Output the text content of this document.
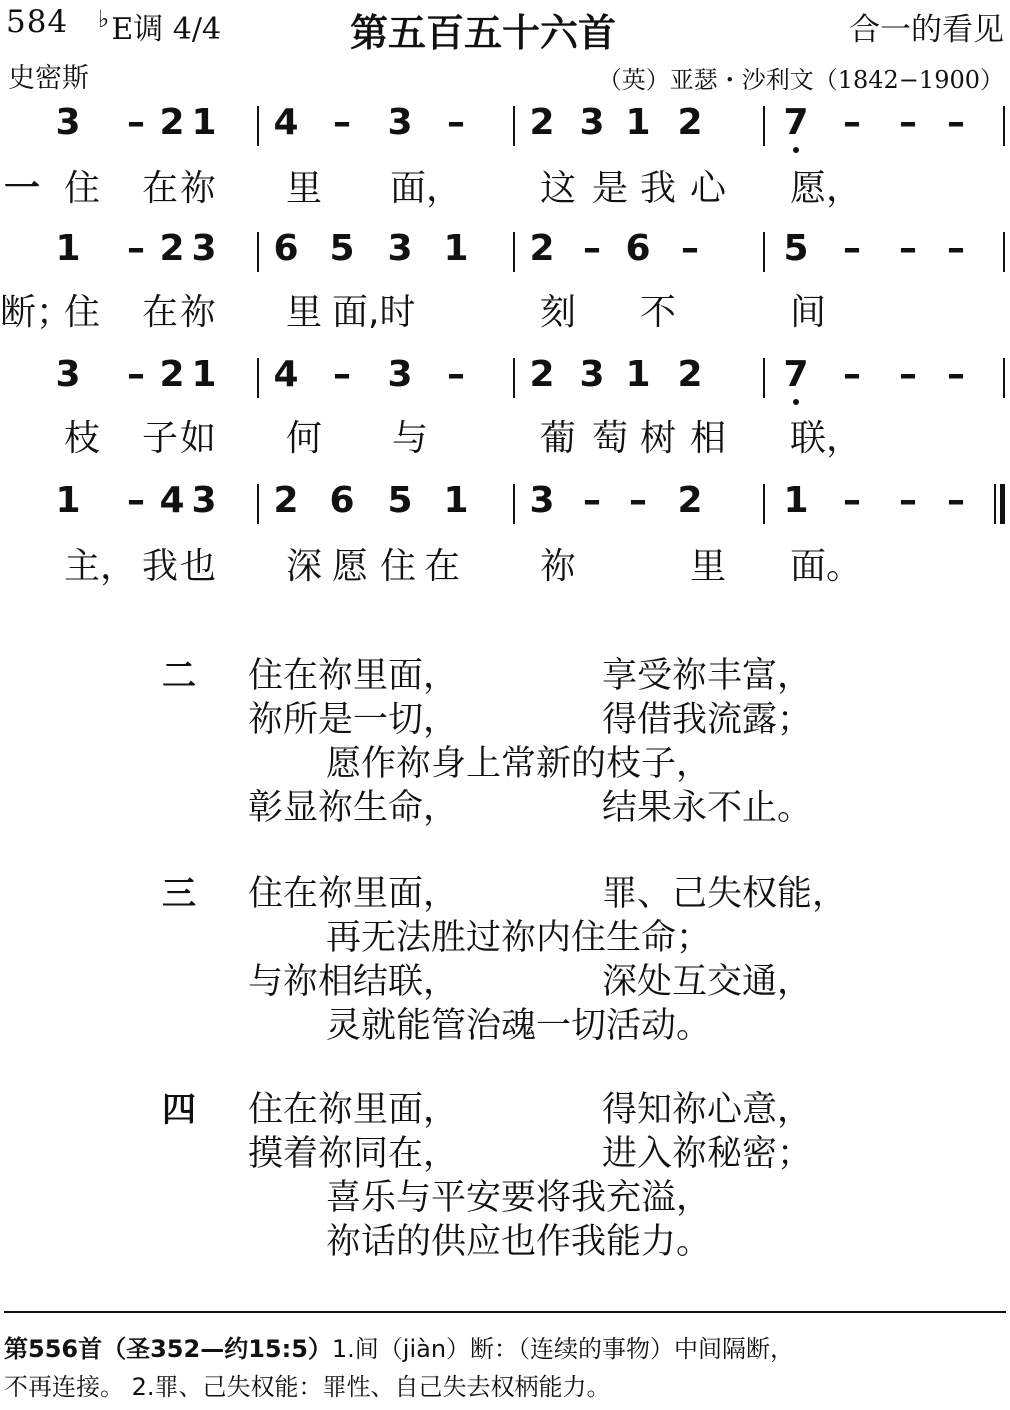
584 ♭E调 4/4	第五百五十六首	合一的看见
史密斯	（英）亚瑟・沙利文（1842−1900）
3 – 2 1 4 – 3 – 2 3 1 2 7 – – –
一 住 在 祢 里 面， 这 是 我 心 愿，
1 – 2 3 6 5 3 1 2 – 6 – 5 – – –
住 在 祢 里 面,时	刻 不	间
断；
3 – 2 1 4 – 3 – 2 3 1 2 7 – – –
枝 子 如 何 与	葡 萄 树 相 联，
1 – 4 3 2 6 5 1 3 – – 2 1 – – –
主， 我 也 深 愿 住 在 祢	里 面。
二 住在祢里面，	享受祢丰富，
祢所是一切，	得借我流露；
愿作祢身上常新的枝子，
彰显祢生命，	结果永不止。
三 住在祢里面，	罪、己失权能，
再无法胜过祢内住生命；
与祢相结联，	深处互交通，
灵就能管治魂一切活动。
四 住在祢里面，	得知祢心意，
摸着祢同在，	进入祢秘密；
喜乐与平安要将我充溢，
祢话的供应也作我能力。
第556首（圣352—约15:5）1.间（jiàn）断：（连续的事物）中间隔断，
不再连接。 2.罪、己失权能：罪性、自己失去权柄能力。
